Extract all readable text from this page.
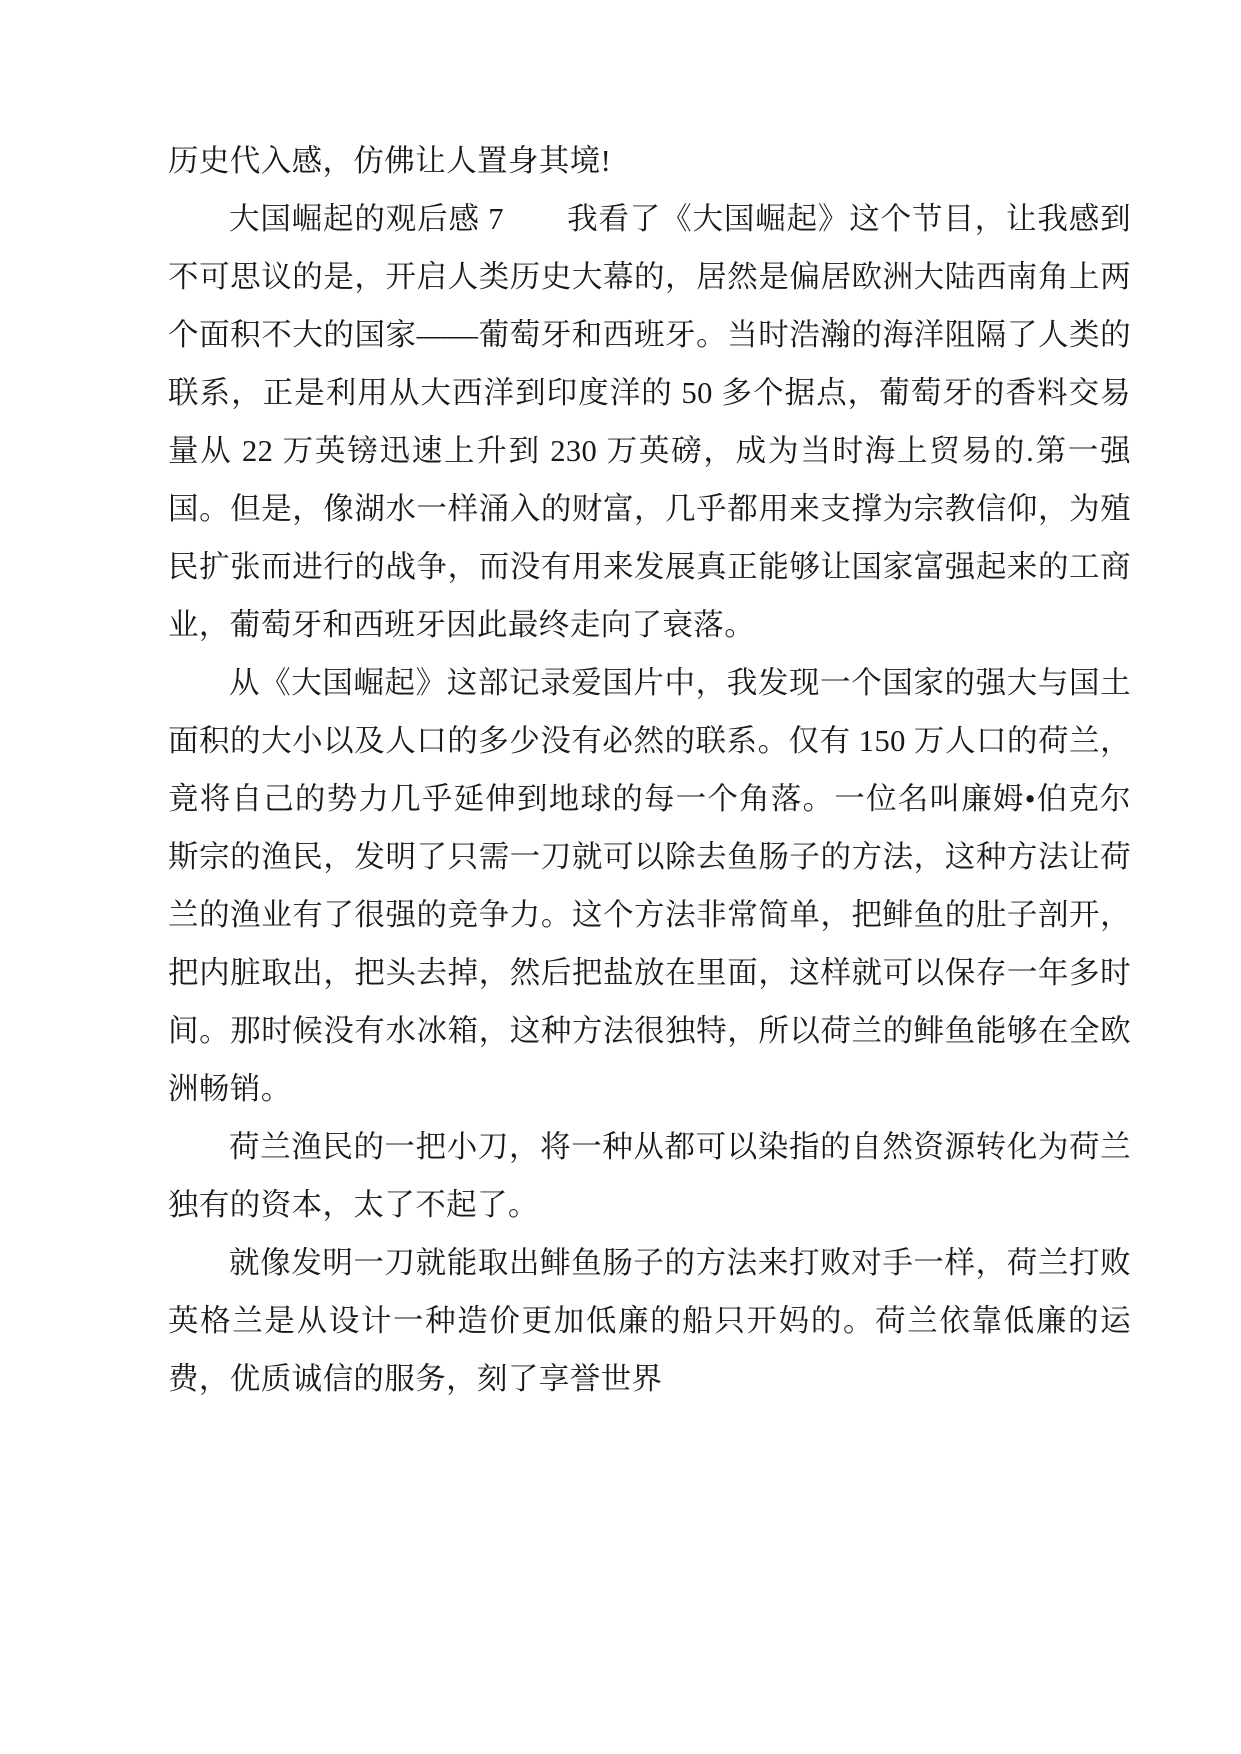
历史代入感，仿佛让人置身其境!

大国崛起的观后感 7　　我看了《大国崛起》这个节目，让我感到不可思议的是，开启人类历史大幕的，居然是偏居欧洲大陆西南角上两个面积不大的国家——葡萄牙和西班牙。当时浩瀚的海洋阻隔了人类的联系，正是利用从大西洋到印度洋的 50 多个据点，葡萄牙的香料交易量从 22 万英镑迅速上升到 230 万英磅，成为当时海上贸易的.第一强国。但是，像湖水一样涌入的财富，几乎都用来支撑为宗教信仰，为殖民扩张而进行的战争，而没有用来发展真正能够让国家富强起来的工商业，葡萄牙和西班牙因此最终走向了衰落。

从《大国崛起》这部记录爱国片中，我发现一个国家的强大与国土面积的大小以及人口的多少没有必然的联系。仅有 150 万人口的荷兰，竟将自己的势力几乎延伸到地球的每一个角落。一位名叫廉姆•伯克尔斯宗的渔民，发明了只需一刀就可以除去鱼肠子的方法，这种方法让荷兰的渔业有了很强的竞争力。这个方法非常简单，把鲱鱼的肚子剖开，把内脏取出，把头去掉，然后把盐放在里面，这样就可以保存一年多时间。那时候没有水冰箱，这种方法很独特，所以荷兰的鲱鱼能够在全欧洲畅销。

荷兰渔民的一把小刀，将一种从都可以染指的自然资源转化为荷兰独有的资本，太了不起了。

就像发明一刀就能取出鲱鱼肠子的方法来打败对手一样，荷兰打败英格兰是从设计一种造价更加低廉的船只开妈的。荷兰依靠低廉的运费，优质诚信的服务，刻了享誉世界
